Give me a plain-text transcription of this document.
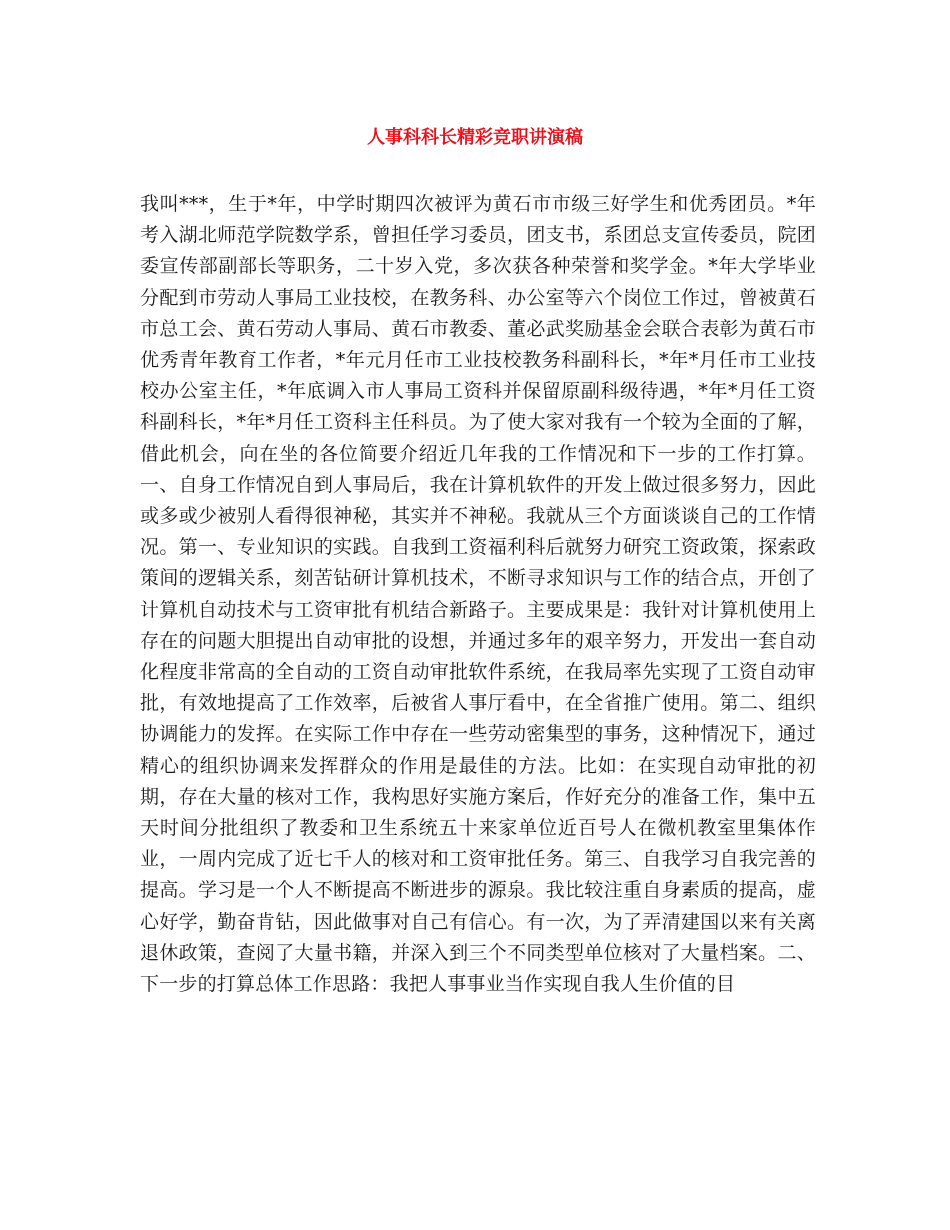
人事科科长精彩竞职讲演稿

我叫***，生于*年，中学时期四次被评为黄石市市级三好学生和优秀团员。*年考入湖北师范学院数学系，曾担任学习委员，团支书，系团总支宣传委员，院团委宣传部副部长等职务，二十岁入党，多次获各种荣誉和奖学金。*年大学毕业分配到市劳动人事局工业技校，在教务科、办公室等六个岗位工作过，曾被黄石市总工会、黄石劳动人事局、黄石市教委、董必武奖励基金会联合表彰为黄石市优秀青年教育工作者，*年元月任市工业技校教务科副科长，*年*月任市工业技校办公室主任，*年底调入市人事局工资科并保留原副科级待遇，*年*月任工资科副科长，*年*月任工资科主任科员。为了使大家对我有一个较为全面的了解，借此机会，向在坐的各位简要介绍近几年我的工作情况和下一步的工作打算。一、自身工作情况自到人事局后，我在计算机软件的开发上做过很多努力，因此或多或少被别人看得很神秘，其实并不神秘。我就从三个方面谈谈自己的工作情况。第一、专业知识的实践。自我到工资福利科后就努力研究工资政策，探索政策间的逻辑关系，刻苦钻研计算机技术，不断寻求知识与工作的结合点，开创了计算机自动技术与工资审批有机结合新路子。主要成果是：我针对计算机使用上存在的问题大胆提出自动审批的设想，并通过多年的艰辛努力，开发出一套自动化程度非常高的全自动的工资自动审批软件系统，在我局率先实现了工资自动审批，有效地提高了工作效率，后被省人事厅看中，在全省推广使用。第二、组织协调能力的发挥。在实际工作中存在一些劳动密集型的事务，这种情况下，通过精心的组织协调来发挥群众的作用是最佳的方法。比如：在实现自动审批的初期，存在大量的核对工作，我构思好实施方案后，作好充分的准备工作，集中五天时间分批组织了教委和卫生系统五十来家单位近百号人在微机教室里集体作业，一周内完成了近七千人的核对和工资审批任务。第三、自我学习自我完善的提高。学习是一个人不断提高不断进步的源泉。我比较注重自身素质的提高，虚心好学，勤奋肯钻，因此做事对自己有信心。有一次，为了弄清建国以来有关离退休政策，查阅了大量书籍，并深入到三个不同类型单位核对了大量档案。二、下一步的打算总体工作思路：我把人事事业当作实现自我人生价值的目
